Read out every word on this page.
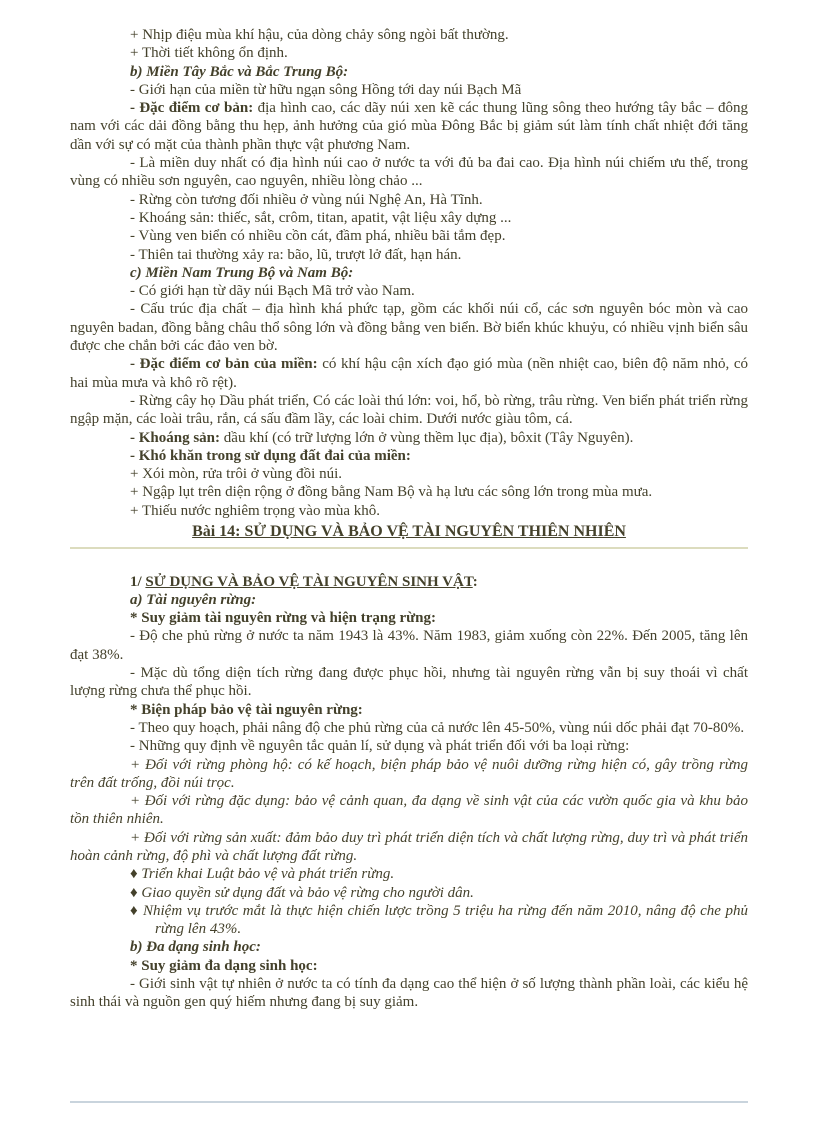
+ Nhịp điệu mùa khí hậu, của dòng chảy sông ngòi bất thường.

+ Thời tiết không ổn định.

b) Miền Tây Bắc và Bắc Trung Bộ:

- Giới hạn của miền từ hữu ngạn sông Hồng tới day núi Bạch Mã

- Đặc điểm cơ bản: địa hình cao, các dãy núi xen kẽ các thung lũng sông theo hướng tây bắc – đông nam với các dải đồng bằng thu hẹp, ảnh hưởng của gió mùa Đông Bắc bị giảm sút làm tính chất nhiệt đới tăng dần với sự có mặt của thành phần thực vật phương Nam.

- Là miền duy nhất có địa hình núi cao ở nước ta với đủ ba đai cao. Địa hình núi chiếm ưu thế, trong vùng có nhiều sơn nguyên, cao nguyên, nhiều lòng chảo ...

- Rừng còn tương đối nhiều ở vùng núi Nghệ An, Hà Tĩnh.

- Khoáng sản: thiếc, sắt, crôm, titan, apatit, vật liệu xây dựng ...

- Vùng ven biển có nhiều cồn cát, đầm phá, nhiều bãi tắm đẹp.

- Thiên tai thường xảy ra: bão, lũ, trượt lở đất, hạn hán.

c) Miền Nam Trung Bộ và Nam Bộ:

- Có giới hạn từ dãy núi Bạch Mã trở vào Nam.

- Cấu trúc địa chất – địa hình khá phức tạp, gồm các khối núi cổ, các sơn nguyên bóc mòn và cao nguyên badan, đồng bằng châu thổ sông lớn và đồng bằng ven biển. Bờ biển khúc khuỷu, có nhiều vịnh biển sâu được che chắn bởi các đảo ven bờ.

- Đặc điểm cơ bản của miền: có khí hậu cận xích đạo gió mùa (nền nhiệt cao, biên độ năm nhỏ, có hai mùa mưa và khô rõ rệt).

- Rừng cây họ Dầu phát triển, Có các loài thú lớn: voi, hổ, bò rừng, trâu rừng. Ven biển phát triển rừng ngập mặn, các loài trâu, rắn, cá sấu đầm lầy, các loài chim. Dưới nước giàu tôm, cá.

- Khoáng sản: dầu khí (có trữ lượng lớn ở vùng thềm lục địa), bôxit (Tây Nguyên).

- Khó khăn trong sử dụng đất đai của miền:

+ Xói mòn, rửa trôi ở vùng đồi núi.

+ Ngập lụt trên diện rộng ở đồng bằng Nam Bộ và hạ lưu các sông lớn trong mùa mưa.

+ Thiếu nước nghiêm trọng vào mùa khô.

Bài 14: SỬ DỤNG VÀ BẢO VỆ TÀI NGUYÊN THIÊN NHIÊN

1/ SỬ DỤNG VÀ BẢO VỆ TÀI NGUYÊN SINH VẬT:

a) Tài nguyên rừng:

* Suy giảm tài nguyên rừng và hiện trạng rừng:

- Độ che phủ rừng ở nước ta năm 1943 là 43%. Năm 1983, giảm xuống còn 22%. Đến 2005, tăng lên đạt 38%.

- Mặc dù tổng diện tích rừng đang được phục hồi, nhưng tài nguyên rừng vẫn bị suy thoái vì chất lượng rừng chưa thể phục hồi.

* Biện pháp bảo vệ tài nguyên rừng:

- Theo quy hoạch, phải nâng độ che phủ rừng của cả nước lên 45-50%, vùng núi dốc phải đạt 70-80%.

- Những quy định về nguyên tắc quản lí, sử dụng và phát triển đối với ba loại rừng:

+ Đối với rừng phòng hộ: có kế hoạch, biện pháp bảo vệ nuôi dưỡng rừng hiện có, gây trồng rừng trên đất trống, đồi núi trọc.

+ Đối với rừng đặc dụng: bảo vệ cảnh quan, đa dạng về sinh vật của các vườn quốc gia và khu bảo tồn thiên nhiên.

+ Đối với rừng sản xuất: đảm bảo duy trì phát triển diện tích và chất lượng rừng, duy trì và phát triển hoàn cảnh rừng, độ phì và chất lượng đất rừng.

♦ Triển khai Luật bảo vệ và phát triển rừng.

♦ Giao quyền sử dụng đất và bảo vệ rừng cho người dân.

♦ Nhiệm vụ trước mắt là thực hiện chiến lược trồng 5 triệu ha rừng đến năm 2010, nâng độ che phủ rừng lên 43%.

b) Đa dạng sinh học:

* Suy giảm đa dạng sinh học:

- Giới sinh vật tự nhiên ở nước ta có tính đa dạng cao thể hiện ở số lượng thành phần loài, các kiểu hệ sinh thái và nguồn gen quý hiếm nhưng đang bị suy giảm.
